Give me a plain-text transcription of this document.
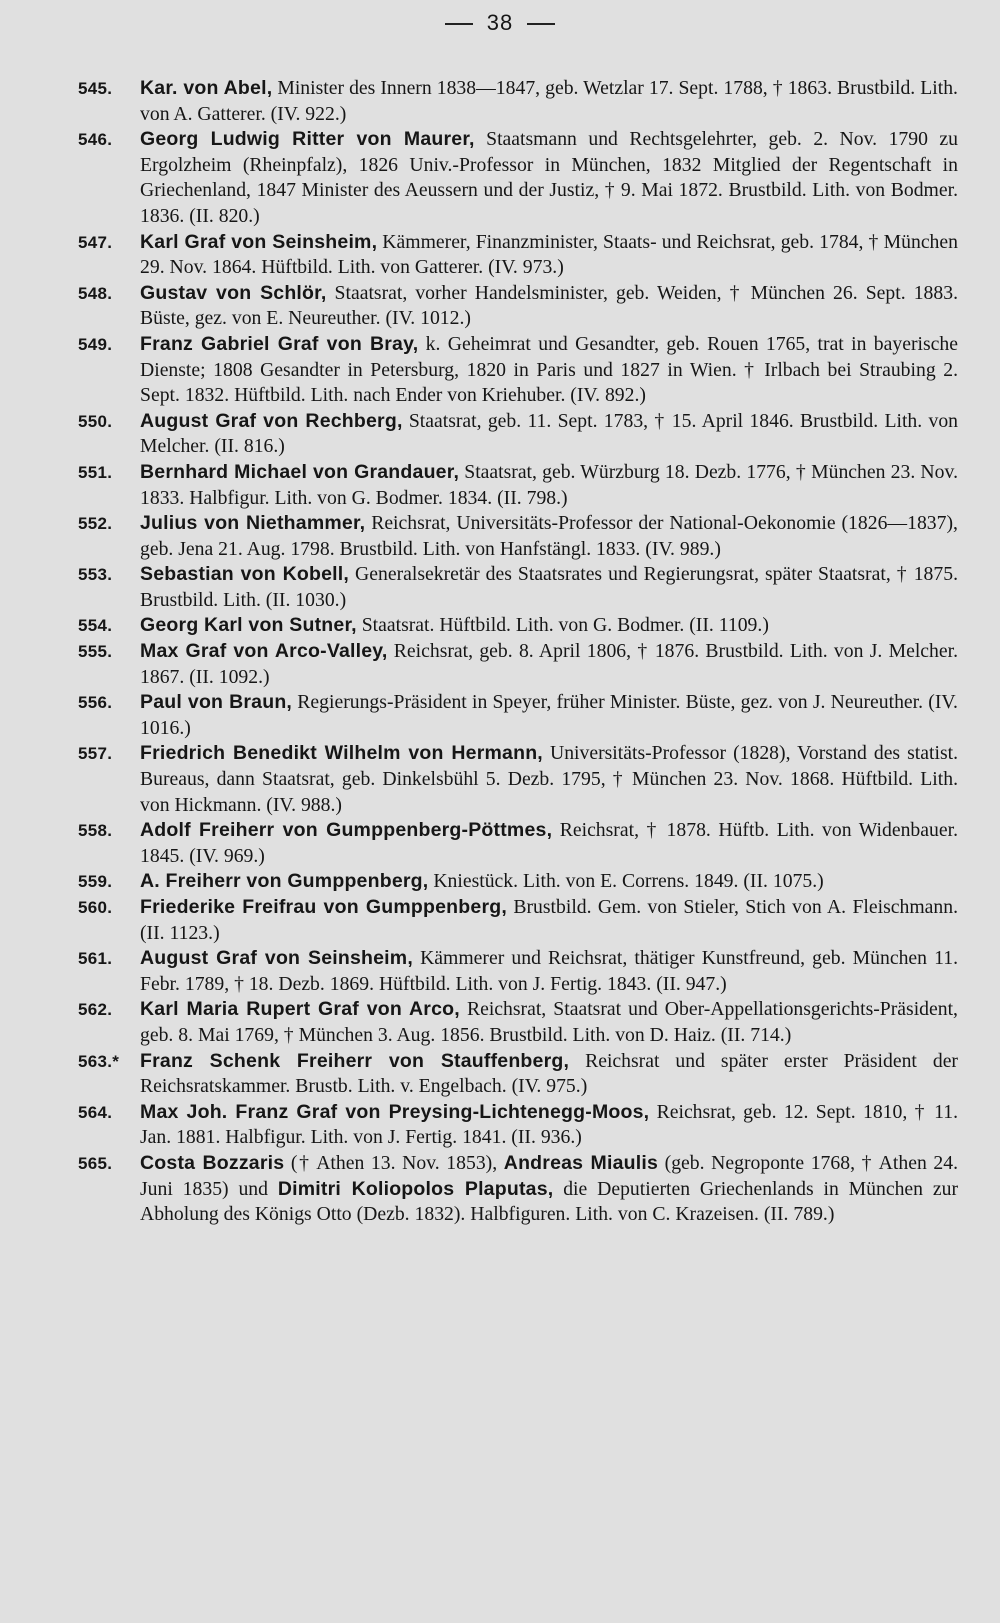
38

545. Kar. von Abel, Minister des Innern 1838—1847, geb. Wetzlar 17. Sept. 1788, † 1863. Brustbild. Lith. von A. Gatterer. (IV. 922.)

546. Georg Ludwig Ritter von Maurer, Staatsmann und Rechtsgelehrter, geb. 2. Nov. 1790 zu Ergolzheim (Rheinpfalz), 1826 Univ.-Professor in München, 1832 Mitglied der Regentschaft in Griechenland, 1847 Minister des Aeussern und der Justiz, † 9. Mai 1872. Brustbild. Lith. von Bodmer. 1836. (II. 820.)

547. Karl Graf von Seinsheim, Kämmerer, Finanzminister, Staats- und Reichsrat, geb. 1784, † München 29. Nov. 1864. Hüftbild. Lith. von Gatterer. (IV. 973.)

548. Gustav von Schlör, Staatsrat, vorher Handelsminister, geb. Weiden, † München 26. Sept. 1883. Büste, gez. von E. Neureuther. (IV. 1012.)

549. Franz Gabriel Graf von Bray, k. Geheimrat und Gesandter, geb. Rouen 1765, trat in bayerische Dienste; 1808 Gesandter in Petersburg, 1820 in Paris und 1827 in Wien. † Irlbach bei Straubing 2. Sept. 1832. Hüftbild. Lith. nach Ender von Kriehuber. (IV. 892.)

550. August Graf von Rechberg, Staatsrat, geb. 11. Sept. 1783, † 15. April 1846. Brustbild. Lith. von Melcher. (II. 816.)

551. Bernhard Michael von Grandauer, Staatsrat, geb. Würzburg 18. Dezb. 1776, † München 23. Nov. 1833. Halbfigur. Lith. von G. Bodmer. 1834. (II. 798.)

552. Julius von Niethammer, Reichsrat, Universitäts-Professor der National-Oekonomie (1826—1837), geb. Jena 21. Aug. 1798. Brustbild. Lith. von Hanfstängl. 1833. (IV. 989.)

553. Sebastian von Kobell, Generalsekretär des Staatsrates und Regierungsrat, später Staatsrat, † 1875. Brustbild. Lith. (II. 1030.)

554. Georg Karl von Sutner, Staatsrat. Hüftbild. Lith. von G. Bodmer. (II. 1109.)

555. Max Graf von Arco-Valley, Reichsrat, geb. 8. April 1806, † 1876. Brustbild. Lith. von J. Melcher. 1867. (II. 1092.)

556. Paul von Braun, Regierungs-Präsident in Speyer, früher Minister. Büste, gez. von J. Neureuther. (IV. 1016.)

557. Friedrich Benedikt Wilhelm von Hermann, Universitäts-Professor (1828), Vorstand des statist. Bureaus, dann Staatsrat, geb. Dinkelsbühl 5. Dezb. 1795, † München 23. Nov. 1868. Hüftbild. Lith. von Hickmann. (IV. 988.)

558. Adolf Freiherr von Gumppenberg-Pöttmes, Reichsrat, † 1878. Hüftb. Lith. von Widenbauer. 1845. (IV. 969.)

559. A. Freiherr von Gumppenberg, Kniestück. Lith. von E. Correns. 1849. (II. 1075.)

560. Friederike Freifrau von Gumppenberg, Brustbild. Gem. von Stieler, Stich von A. Fleischmann. (II. 1123.)

561. August Graf von Seinsheim, Kämmerer und Reichsrat, thätiger Kunstfreund, geb. München 11. Febr. 1789, † 18. Dezb. 1869. Hüftbild. Lith. von J. Fertig. 1843. (II. 947.)

562. Karl Maria Rupert Graf von Arco, Reichsrat, Staatsrat und Ober-Appellationsgerichts-Präsident, geb. 8. Mai 1769, † München 3. Aug. 1856. Brustbild. Lith. von D. Haiz. (II. 714.)

563.* Franz Schenk Freiherr von Stauffenberg, Reichsrat und später erster Präsident der Reichsratskammer. Brustb. Lith. v. Engelbach. (IV. 975.)

564. Max Joh. Franz Graf von Preysing-Lichtenegg-Moos, Reichsrat, geb. 12. Sept. 1810, † 11. Jan. 1881. Halbfigur. Lith. von J. Fertig. 1841. (II. 936.)

565. Costa Bozzaris († Athen 13. Nov. 1853), Andreas Miaulis (geb. Negroponte 1768, † Athen 24. Juni 1835) und Dimitri Koliopolos Plaputas, die Deputierten Griechenlands in München zur Abholung des Königs Otto (Dezb. 1832). Halbfiguren. Lith. von C. Krazeisen. (II. 789.)
